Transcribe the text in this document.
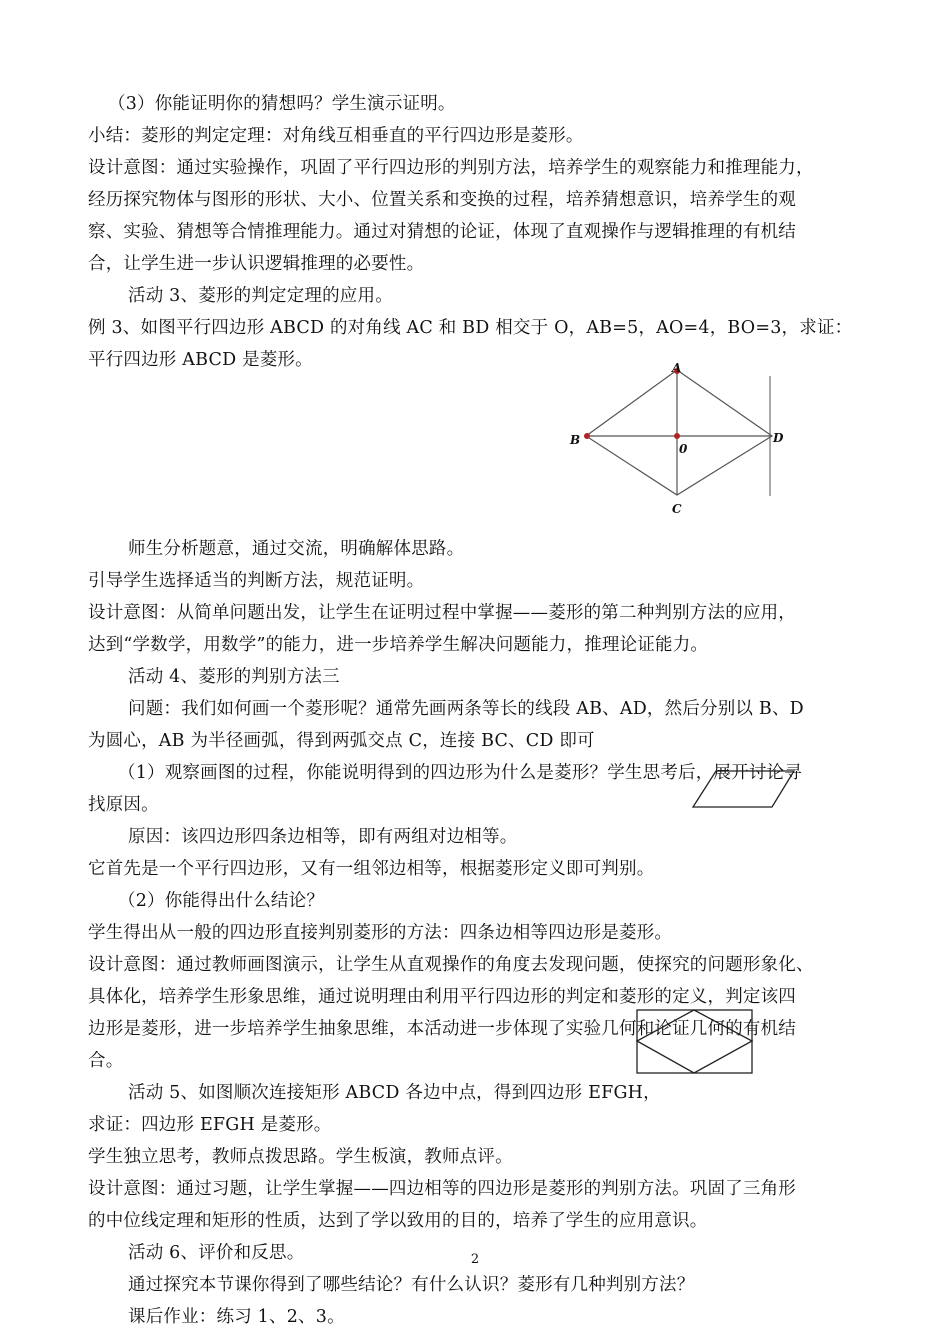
（3）你能证明你的猜想吗？学生演示证明。
小结：菱形的判定定理：对角线互相垂直的平行四边形是菱形。
设计意图：通过实验操作，巩固了平行四边形的判别方法，培养学生的观察能力和推理能力，
经历探究物体与图形的形状、大小、位置关系和变换的过程，培养猜想意识，培养学生的观
察、实验、猜想等合情推理能力。通过对猜想的论证，体现了直观操作与逻辑推理的有机结
合，让学生进一步认识逻辑推理的必要性。
活动 3、菱形的判定定理的应用。
例 3、如图平行四边形 ABCD 的对角线 AC 和 BD 相交于 O，AB=5，AO=4，BO=3，求证：
平行四边形 ABCD 是菱形。
师生分析题意，通过交流，明确解体思路。
引导学生选择适当的判断方法，规范证明。
设计意图：从简单问题出发，让学生在证明过程中掌握——菱形的第二种判别方法的应用，
达到“学数学，用数学”的能力，进一步培养学生解决问题能力，推理论证能力。
活动 4、菱形的判别方法三
问题：我们如何画一个菱形呢？通常先画两条等长的线段 AB、AD，然后分别以 B、D
为圆心，AB 为半径画弧，得到两弧交点 C，连接 BC、CD 即可
（1）观察画图的过程，你能说明得到的四边形为什么是菱形？学生思考后，展开讨论寻
找原因。
原因：该四边形四条边相等，即有两组对边相等。
它首先是一个平行四边形，又有一组邻边相等，根据菱形定义即可判别。
（2）你能得出什么结论？
学生得出从一般的四边形直接判别菱形的方法：四条边相等四边形是菱形。
设计意图：通过教师画图演示，让学生从直观操作的角度去发现问题，使探究的问题形象化、
具体化，培养学生形象思维，通过说明理由利用平行四边形的判定和菱形的定义，判定该四
边形是菱形，进一步培养学生抽象思维，本活动进一步体现了实验几何和论证几何的有机结
合。
活动 5、如图顺次连接矩形 ABCD 各边中点，得到四边形 EFGH，
求证：四边形 EFGH 是菱形。
学生独立思考，教师点拨思路。学生板演，教师点评。
设计意图：通过习题，让学生掌握——四边相等的四边形是菱形的判别方法。巩固了三角形
的中位线定理和矩形的性质，达到了学以致用的目的，培养了学生的应用意识。
活动 6、评价和反思。
通过探究本节课你得到了哪些结论？有什么认识？菱形有几种判别方法？
课后作业：练习 1、2、3。
A
B
0
D
C
2
